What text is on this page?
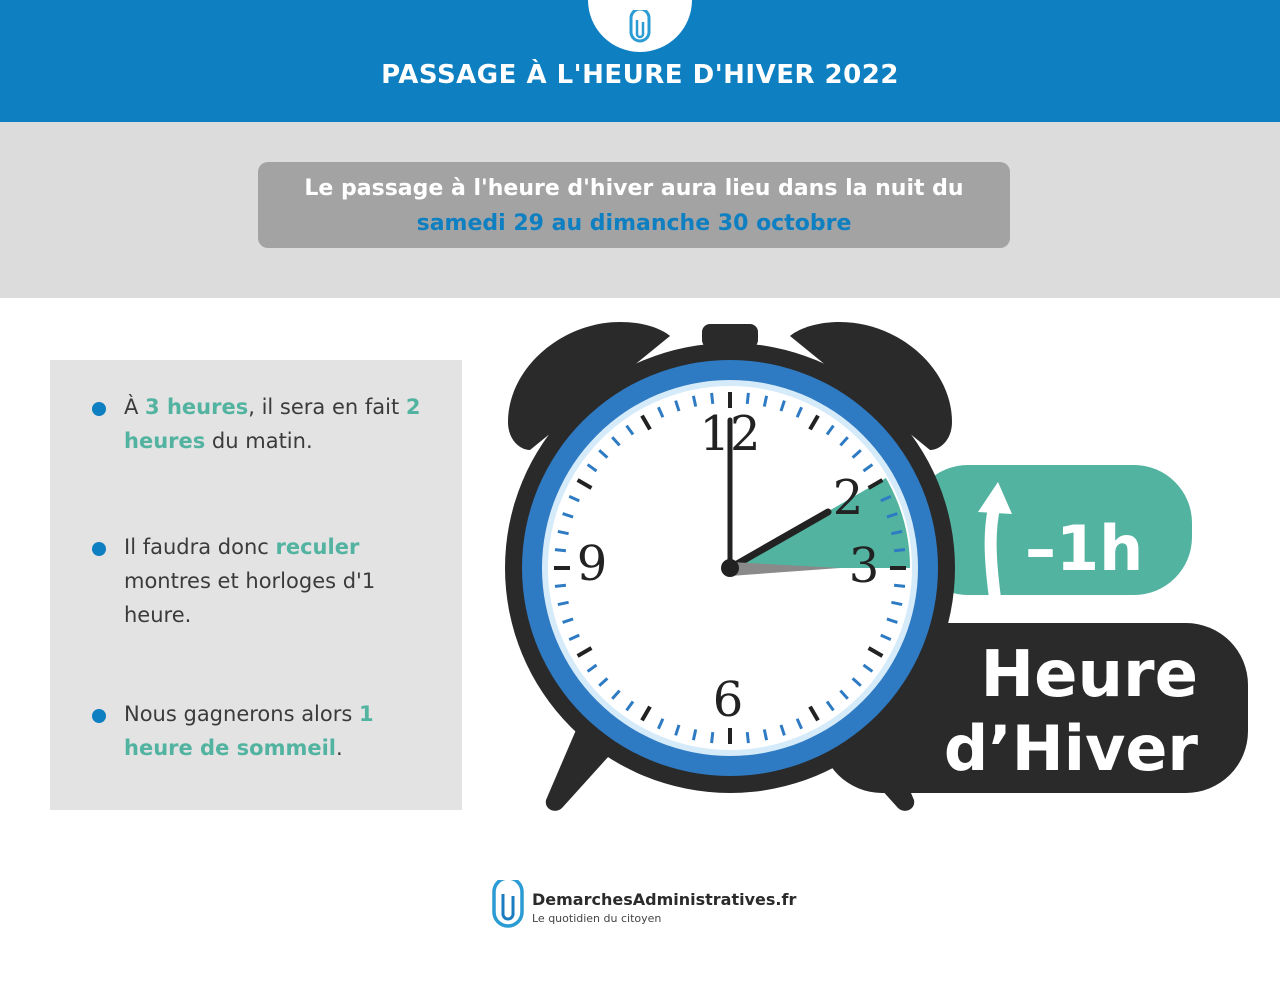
PASSAGE À L'HEURE D'HIVER 2022
Le passage à l'heure d'hiver aura lieu dans la nuit du
samedi 29 au dimanche 30 octobre
À 3 heures, il sera en fait 2 heures du matin.
Il faudra donc reculer montres et horloges d'1 heure.
Nous gagnerons alors 1 heure de sommeil.
12
2
3
6
9	–1h
Heure
d’Hiver
DemarchesAdministratives.fr
Le quotidien du citoyen
